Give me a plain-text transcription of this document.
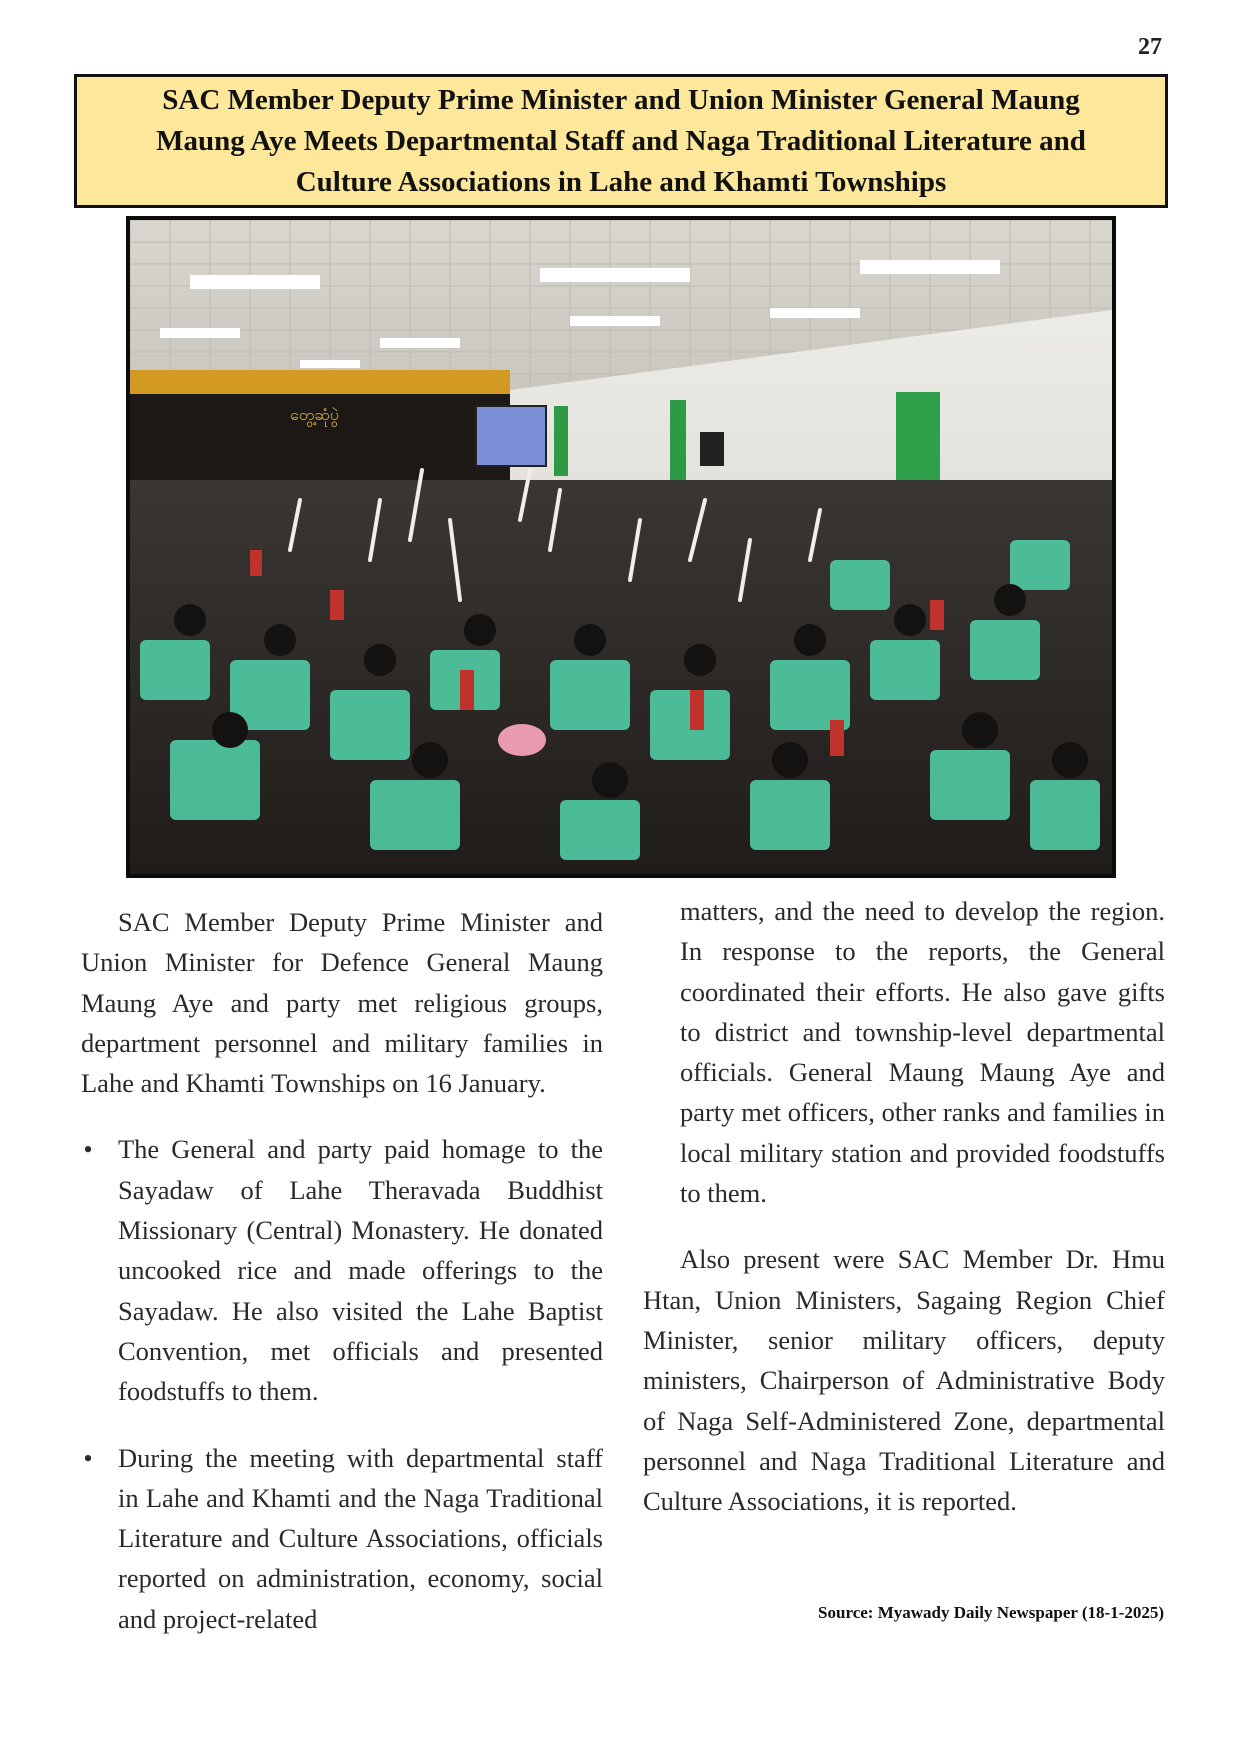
27
SAC Member Deputy Prime Minister and Union Minister General Maung Maung Aye Meets Departmental Staff and Naga Traditional Literature and Culture Associations in Lahe and Khamti Townships
တွေ့ဆုံပွဲ

SAC Member Deputy Prime Minister and Union Minister for Defence General Maung Maung Aye and party met religious groups, department personnel and military families in Lahe and Khamti Townships on 16 January.

• The General and party paid homage to the Sayadaw of Lahe Theravada Buddhist Missionary (Central) Monastery. He donated uncooked rice and made offerings to the Sayadaw. He also visited the Lahe Baptist Convention, met officials and presented foodstuffs to them.
• During the meeting with departmental staff in Lahe and Khamti and the Naga Traditional Literature and Culture Associations, officials reported on administration, economy, social and project-related

matters, and the need to develop the region. In response to the reports, the General coordinated their efforts. He also gave gifts to district and township-level departmental officials. General Maung Maung Aye and party met officers, other ranks and families in local military station and provided foodstuffs to them.

Also present were SAC Member Dr. Hmu Htan, Union Ministers, Sagaing Region Chief Minister, senior military officers, deputy ministers, Chairperson of Administrative Body of Naga Self-Administered Zone, departmental personnel and Naga Traditional Literature and Culture Associations, it is reported.

Source: Myawady Daily Newspaper (18-1-2025)
